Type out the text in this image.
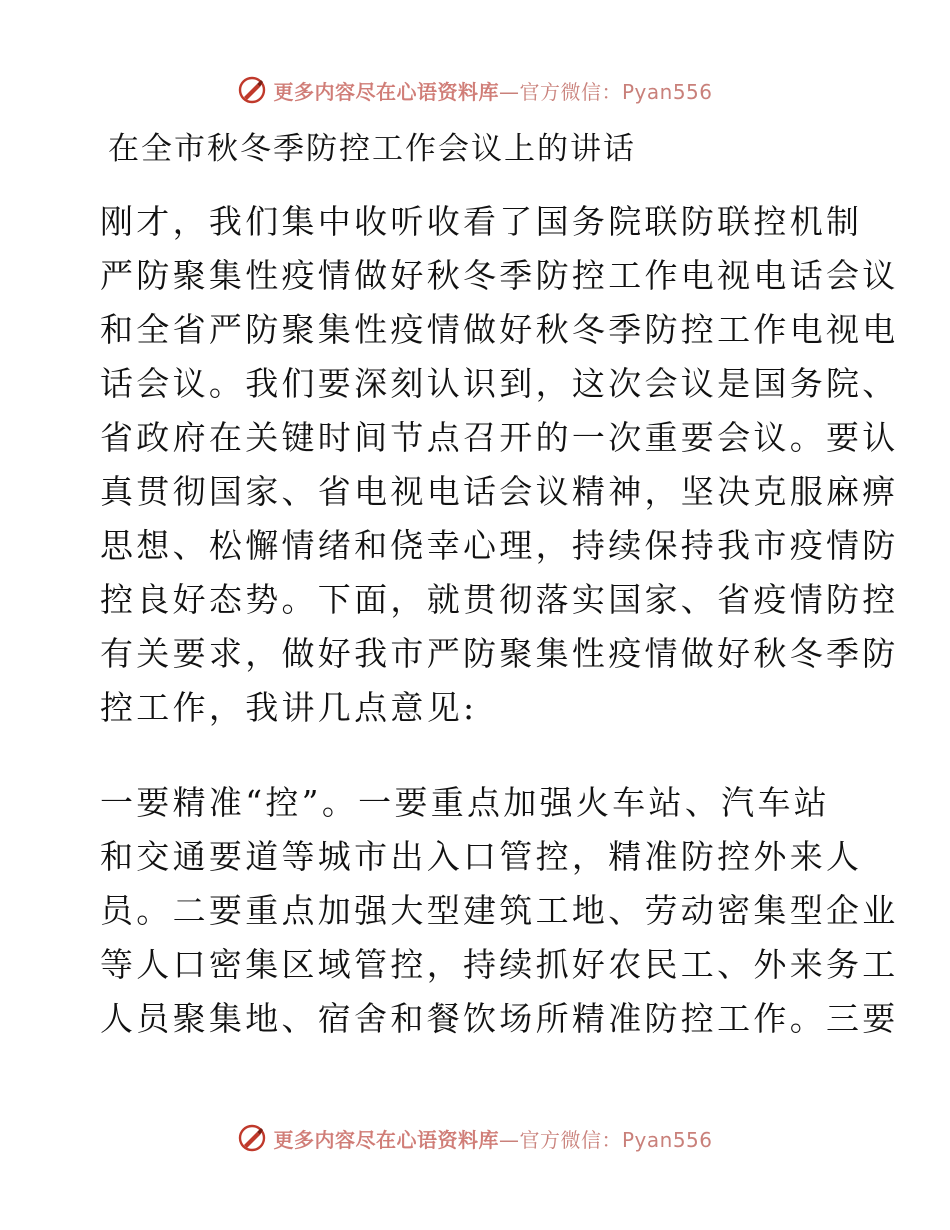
更多内容尽在心语资料库—官方微信：Pyan556
在全市秋冬季防控工作会议上的讲话

刚才，我们集中收听收看了国务院联防联控机制

严防聚集性疫情做好秋冬季防控工作电视电话会议

和全省严防聚集性疫情做好秋冬季防控工作电视电

话会议。我们要深刻认识到，这次会议是国务院、

省政府在关键时间节点召开的一次重要会议。要认

真贯彻国家、省电视电话会议精神，坚决克服麻痹

思想、松懈情绪和侥幸心理，持续保持我市疫情防

控良好态势。下面，就贯彻落实国家、省疫情防控

有关要求，做好我市严防聚集性疫情做好秋冬季防

控工作，我讲几点意见:

一要精准“控”。一要重点加强火车站、汽车站

和交通要道等城市出入口管控，精准防控外来人

员。二要重点加强大型建筑工地、劳动密集型企业

等人口密集区域管控，持续抓好农民工、外来务工

人员聚集地、宿舍和餐饮场所精准防控工作。三要

更多内容尽在心语资料库—官方微信：Pyan556
